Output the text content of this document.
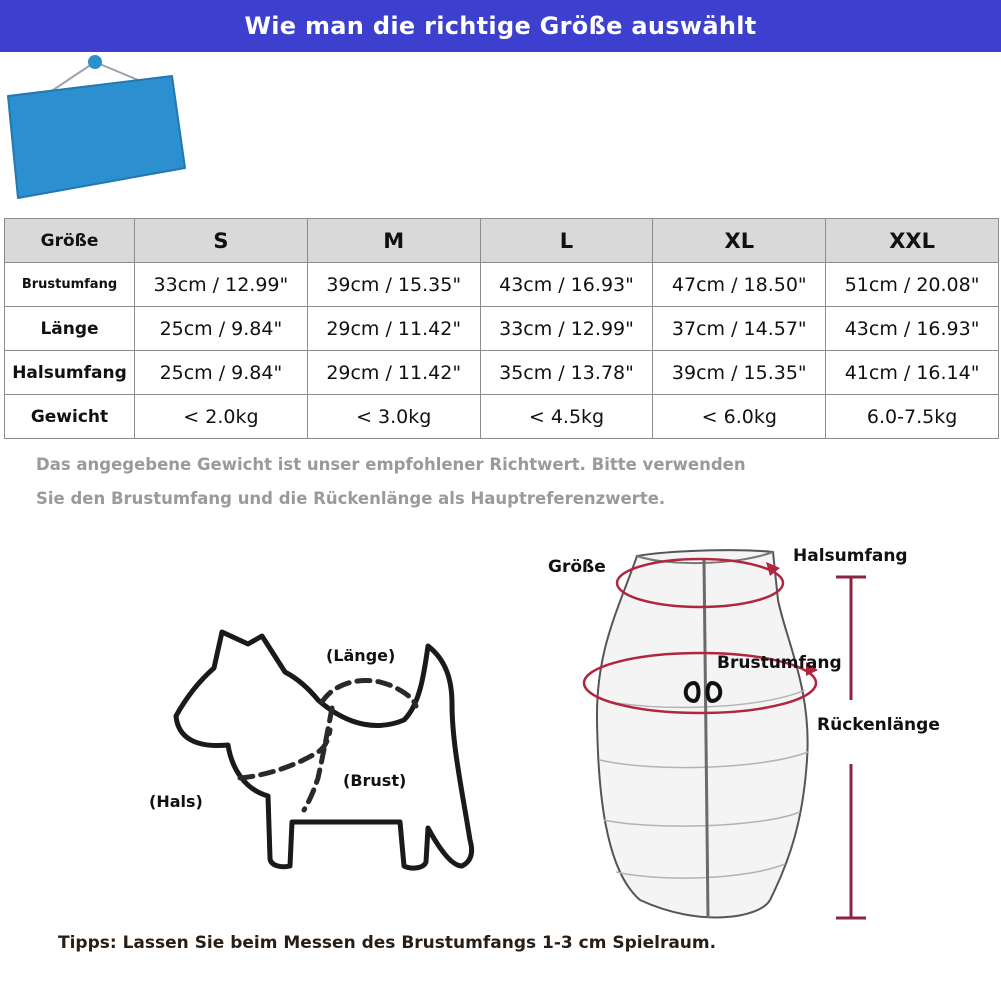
Wie man die richtige Größe auswählt
Größe	S	M	L	XL	XXL
Brustumfang	33cm / 12.99"	39cm / 15.35"	43cm / 16.93"	47cm / 18.50"	51cm / 20.08"
Länge	25cm / 9.84"	29cm / 11.42"	33cm / 12.99"	37cm / 14.57"	43cm / 16.93"
Halsumfang	25cm / 9.84"	29cm / 11.42"	35cm / 13.78"	39cm / 15.35"	41cm / 16.14"
Gewicht	< 2.0kg	< 3.0kg	< 4.5kg	< 6.0kg	6.0-7.5kg
Das angegebene Gewicht ist unser empfohlener Richtwert. Bitte verwenden
Sie den Brustumfang und die Rückenlänge als Hauptreferenzwerte.
(Länge)
(Brust)
(Hals)
Größe
Halsumfang
Brustumfang
Rückenlänge
Tipps: Lassen Sie beim Messen des Brustumfangs 1-3 cm Spielraum.
